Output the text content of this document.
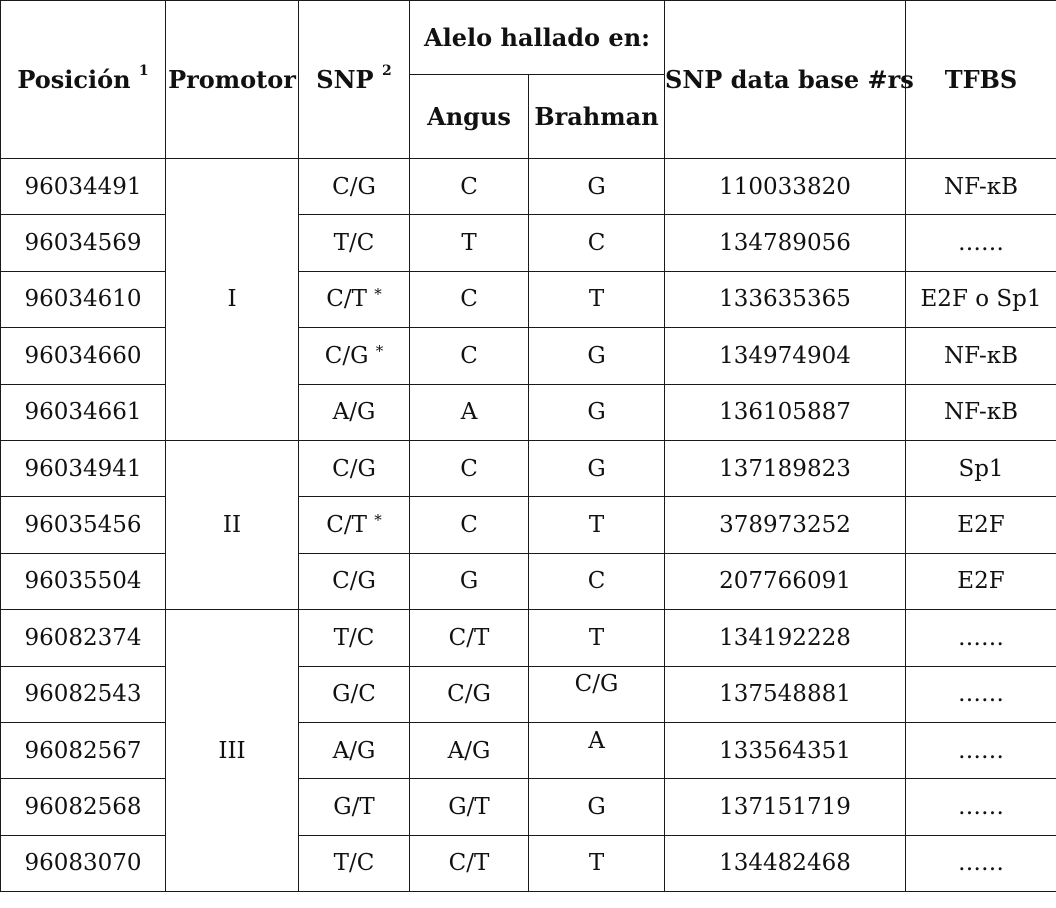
Posición $^1$	Promotor	SNP $^2$	Alelo hallado en:		SNP data base #rs	TFBS
			Angus	Brahman		
96034491	I	C/G	C	G	110033820	NF-κB
96034569		T/C	T	C	134789056	……
96034610		C/T *	C	T	133635365	E2F o Sp1
96034660		C/G *	C	G	134974904	NF-κB
96034661		A/G	A	G	136105887	NF-κB
96034941	II	C/G	C	G	137189823	Sp1
96035456		C/T *	C	T	378973252	E2F
96035504		C/G	G	C	207766091	E2F
96082374	III	T/C	C/T	T	134192228	……
96082543		G/C	C/G	C/G	137548881	……
96082567		A/G	A/G	A	133564351	……
96082568		G/T	G/T	G	137151719	……
96083070		T/C	C/T	T	134482468	……
